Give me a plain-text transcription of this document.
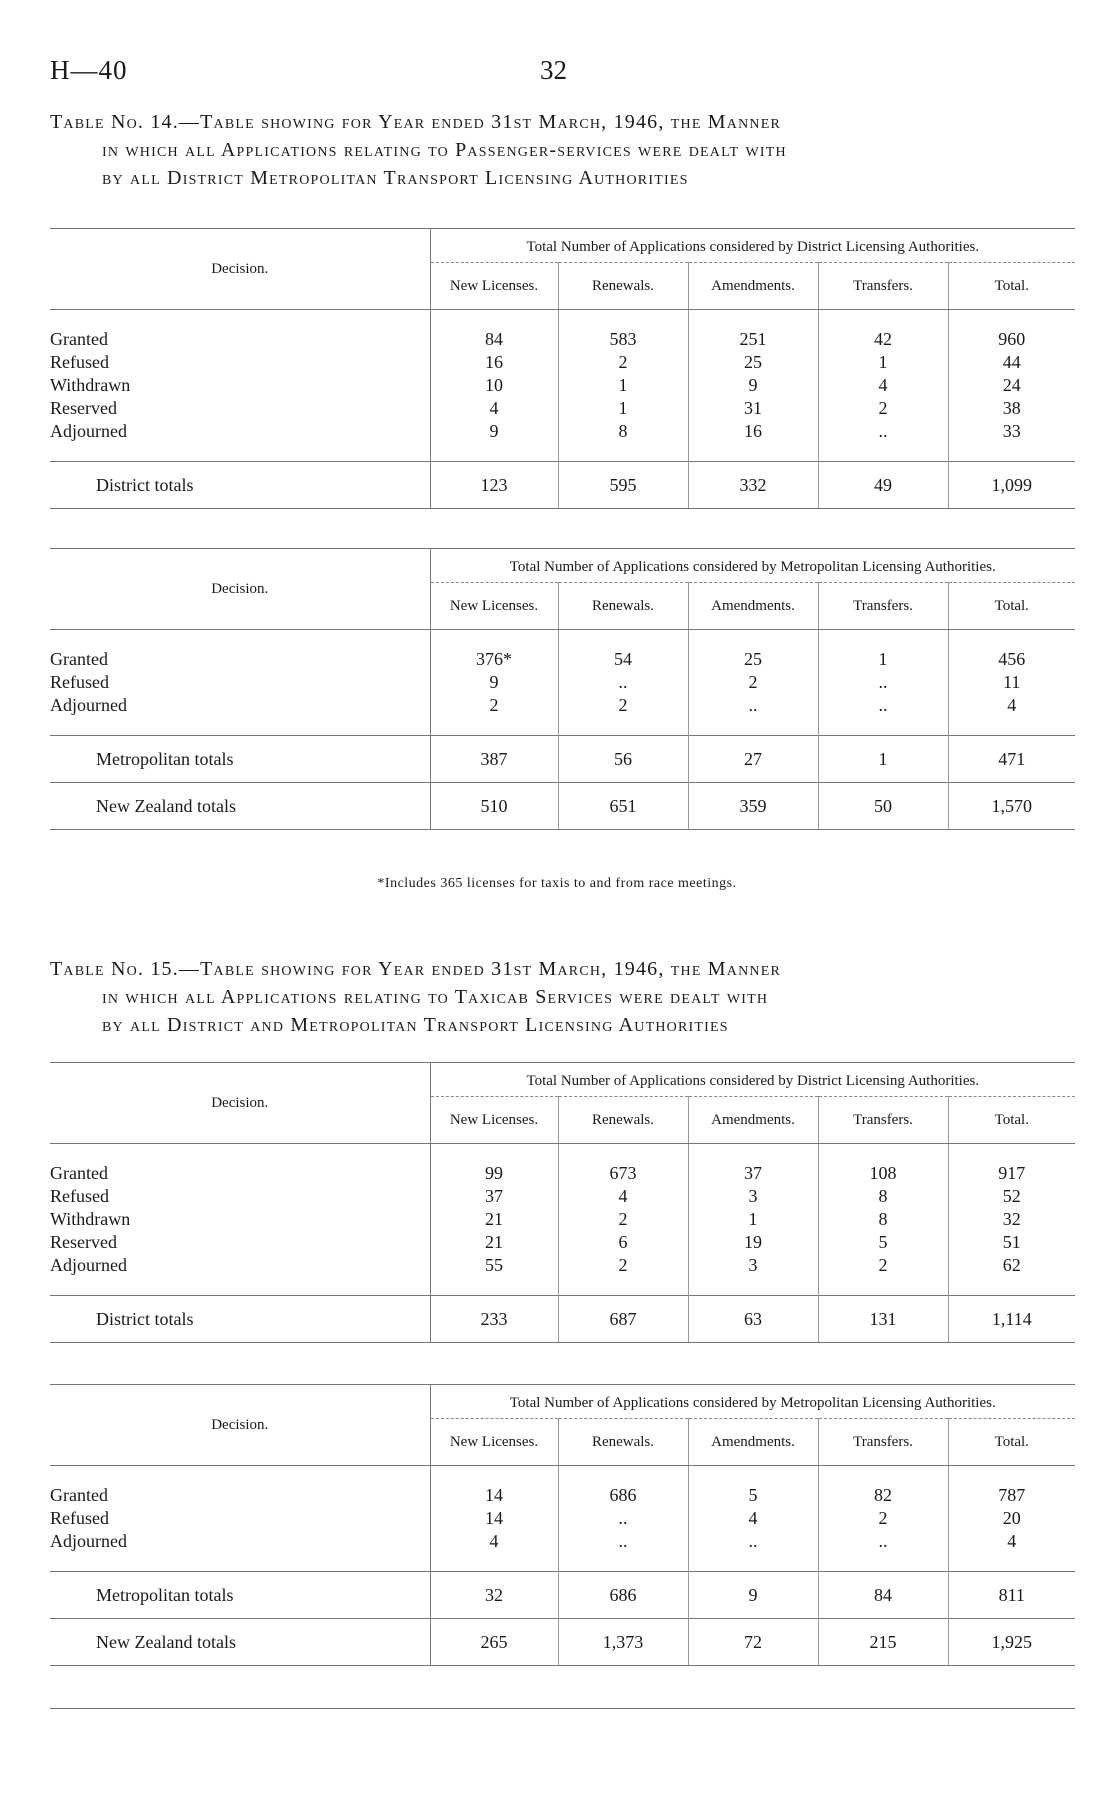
H—40	32
Table No. 14.—Table showing for Year ended 31st March, 1946, the Manner
in which all Applications relating to Passenger-services were dealt with
by all District Metropolitan Transport Licensing Authorities
Decision.	Total Number of Applications considered by District Licensing Authorities.				
	New Licenses.	Renewals.	Amendments.	Transfers.	Total.

Granted	84	583	251	42	960
Refused	16	2	25	1	44
Withdrawn	10	1	9	4	24
Reserved	4	1	31	2	38
Adjourned	9	8	16	..	33

District totals	123	595	332	49	1,099
Decision.	Total Number of Applications considered by Metropolitan Licensing Authorities.				
	New Licenses.	Renewals.	Amendments.	Transfers.	Total.

Granted	376*	54	25	1	456
Refused	9	..	2	..	11
Adjourned	2	2	..	..	4

Metropolitan totals	387	56	27	1	471
New Zealand totals	510	651	359	50	1,570
*Includes 365 licenses for taxis to and from race meetings.
Table No. 15.—Table showing for Year ended 31st March, 1946, the Manner
in which all Applications relating to Taxicab Services were dealt with
by all District and Metropolitan Transport Licensing Authorities
Decision.	Total Number of Applications considered by District Licensing Authorities.				
	New Licenses.	Renewals.	Amendments.	Transfers.	Total.

Granted	99	673	37	108	917
Refused	37	4	3	8	52
Withdrawn	21	2	1	8	32
Reserved	21	6	19	5	51
Adjourned	55	2	3	2	62

District totals	233	687	63	131	1,114
Decision.	Total Number of Applications considered by Metropolitan Licensing Authorities.				
	New Licenses.	Renewals.	Amendments.	Transfers.	Total.

Granted	14	686	5	82	787
Refused	14	..	4	2	20
Adjourned	4	..	..	..	4

Metropolitan totals	32	686	9	84	811
New Zealand totals	265	1,373	72	215	1,925
